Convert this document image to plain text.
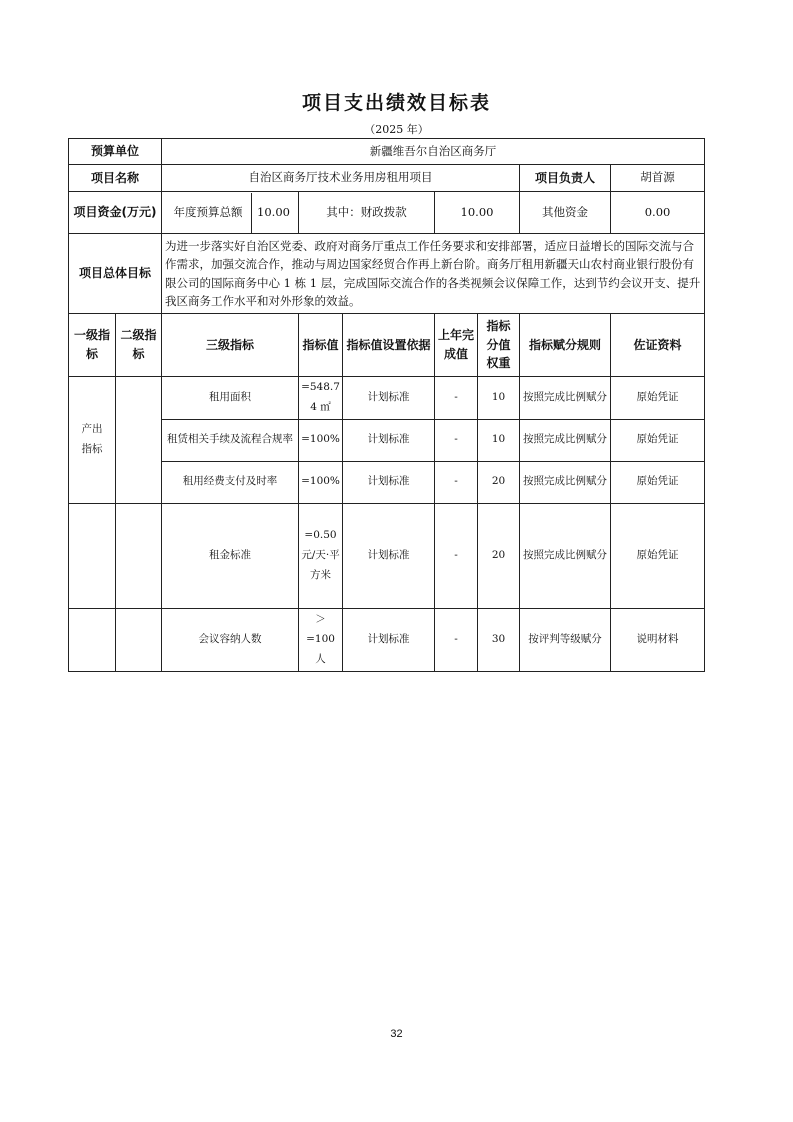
项目支出绩效目标表
（2025 年）
预算单位		新疆维吾尔自治区商务厅						
项目名称		自治区商务厅技术业务用房租用项目					项目负责人	胡首源
项目资金(万元)		年度预算总额 10.00	其中：财政拨款		10.00		其他资金	0.00
项目总体目标		为进一步落实好自治区党委、政府对商务厅重点工作任务要求和安排部署，适应日益增长的国际交流与合作需求，加强交流合作，推动与周边国家经贸合作再上新台阶。商务厅租用新疆天山农村商业银行股份有限公司的国际商务中心 1 栋 1 层，完成国际交流合作的各类视频会议保障工作，达到节约会议开支、提升我区商务工作水平和对外形象的效益。						
一级指标	二级指标	三级指标	指标值	指标值设置依据	上年完成值	指标分值权重	指标赋分规则	佐证资料
产出指标		租用面积	=548.74 ㎡	计划标准	-	10	按照完成比例赋分	原始凭证
		租赁相关手续及流程合规率	=100%	计划标准	-	10	按照完成比例赋分	原始凭证
		租用经费支付及时率	=100%	计划标准	-	20	按照完成比例赋分	原始凭证
		租金标准	=0.50 元/天·平方米	计划标准	-	20	按照完成比例赋分	原始凭证
		会议容纳人数	＞=100 人	计划标准	-	30	按评判等级赋分	说明材料
32
